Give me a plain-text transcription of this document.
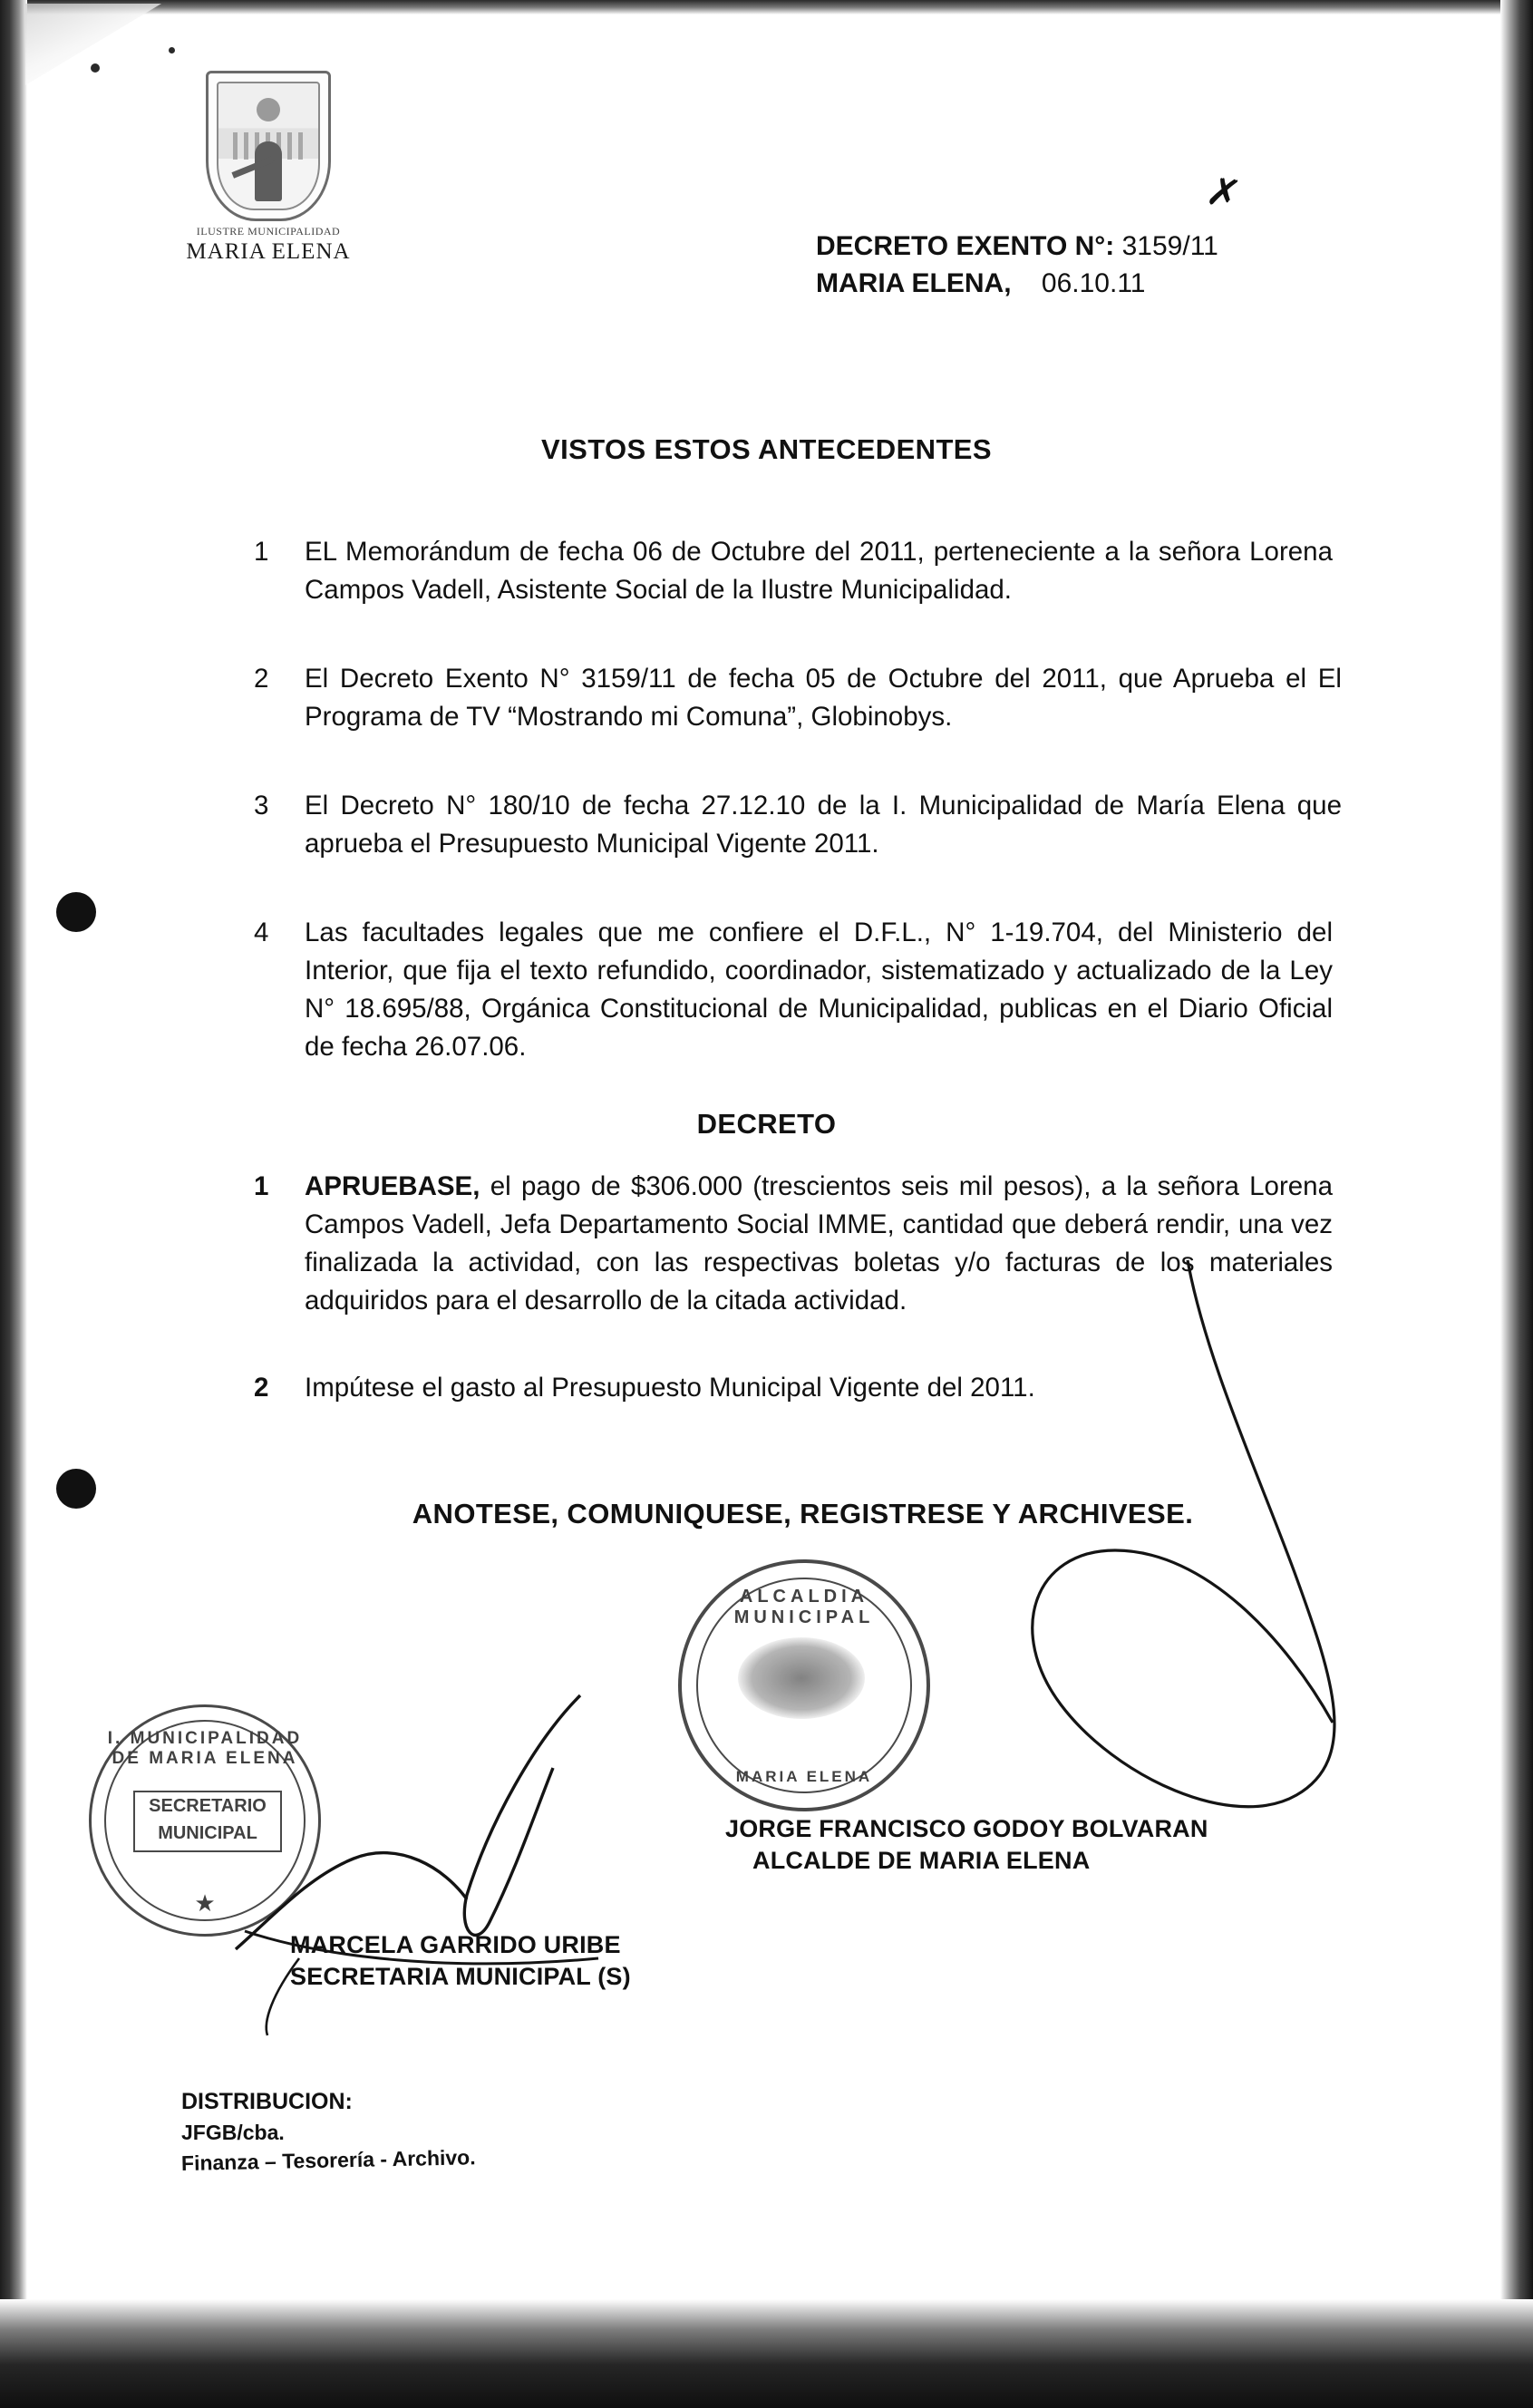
ILUSTRE MUNICIPALIDAD
MARIA ELENA
✗
DECRETO EXENTO N°: 3159/11
MARIA ELENA, 06.10.11
VISTOS ESTOS ANTECEDENTES
1	EL Memorándum de fecha 06 de Octubre del 2011, perteneciente a la señora Lorena Campos Vadell, Asistente Social de la Ilustre Municipalidad.
2	El Decreto Exento N° 3159/11 de fecha 05 de Octubre del 2011, que Aprueba el El Programa de TV “Mostrando mi Comuna”, Globinobys.
3	El Decreto N° 180/10 de fecha 27.12.10 de la I. Municipalidad de María Elena que aprueba el Presupuesto Municipal Vigente 2011.
4	Las facultades legales que me confiere el D.F.L., N° 1-19.704, del Ministerio del Interior, que fija el texto refundido, coordinador, sistematizado y actualizado de la Ley N° 18.695/88, Orgánica Constitucional de Municipalidad, publicas en el Diario Oficial de fecha 26.07.06.
DECRETO
1	APRUEBASE, el pago de $306.000 (trescientos seis mil pesos), a la señora Lorena Campos Vadell, Jefa Departamento Social IMME, cantidad que deberá rendir, una vez finalizada la actividad, con las respectivas boletas y/o facturas de los materiales adquiridos para el desarrollo de la citada actividad.
2	Impútese el gasto al Presupuesto Municipal Vigente del 2011.
ANOTESE, COMUNIQUESE, REGISTRESE Y ARCHIVESE.
ALCALDIA MUNICIPAL
MARIA ELENA
I. MUNICIPALIDAD DE MARIA ELENA
SECRETARIO
MUNICIPAL
★
JORGE FRANCISCO GODOY BOLVARAN
ALCALDE DE MARIA ELENA
MARCELA GARRIDO URIBE
SECRETARIA MUNICIPAL (S)
DISTRIBUCION:
JFGB/cba.
Finanza – Tesorería - Archivo.
